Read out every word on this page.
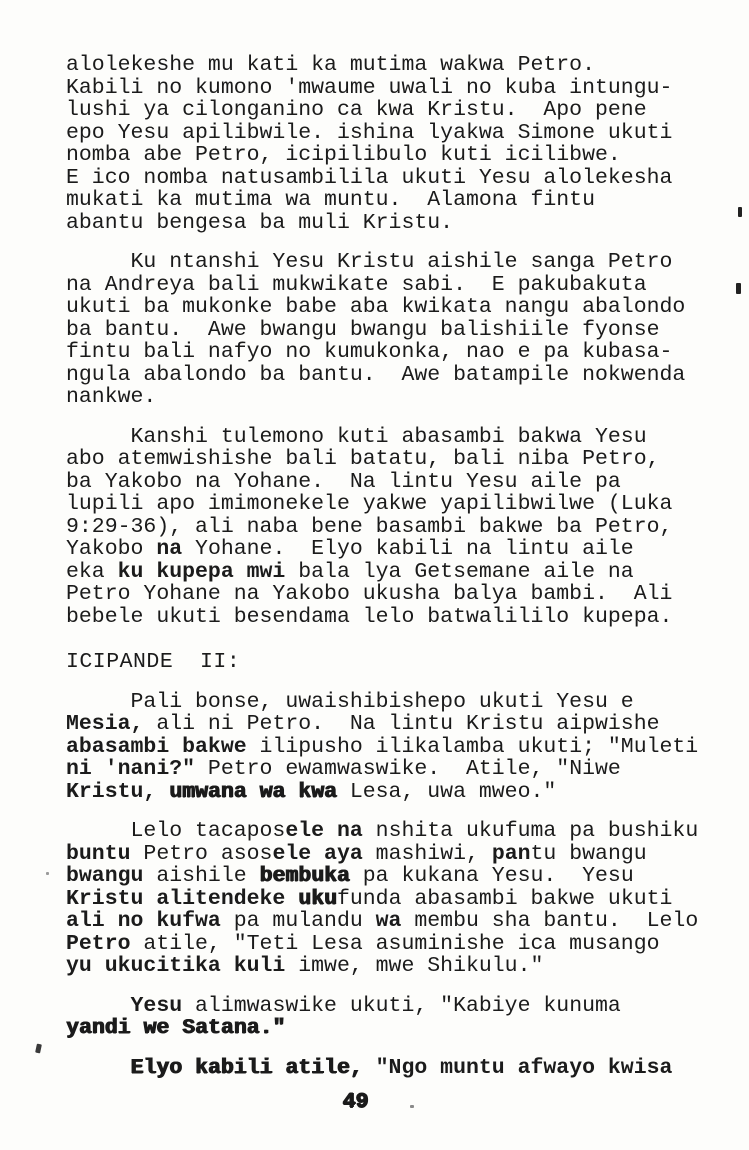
alolekeshe mu kati ka mutima wakwa Petro.
Kabili no kumono 'mwaume uwali no kuba intungu-
lushi ya cilonganino ca kwa Kristu.  Apo pene
epo Yesu apilibwile. ishina lyakwa Simone ukuti
nomba abe Petro, icipilibulo kuti icilibwe.
E ico nomba natusambilila ukuti Yesu alolekesha
mukati ka mutima wa muntu.  Alamona fintu
abantu bengesa ba muli Kristu.
Ku ntanshi Yesu Kristu aishile sanga Petro
na Andreya bali mukwikate sabi.  E pakubakuta
ukuti ba mukonke babe aba kwikata nangu abalondo
ba bantu.  Awe bwangu bwangu balishiile fyonse
fintu bali nafyo no kumukonka, nao e pa kubasa-
ngula abalondo ba bantu.  Awe batampile nokwenda
nankwe.
Kanshi tulemono kuti abasambi bakwa Yesu
abo atemwishishe bali batatu, bali niba Petro,
ba Yakobo na Yohane.  Na lintu Yesu aile pa
lupili apo imimonekele yakwe yapilibwilwe (Luka
9:29-36), ali naba bene basambi bakwe ba Petro,
Yakobo na Yohane.  Elyo kabili na lintu aile
eka ku kupepa mwi bala lya Getsemane aile na
Petro Yohane na Yakobo ukusha balya bambi.  Ali
bebele ukuti besendama lelo batwalililo kupepa.
ICIPANDE  II:
Pali bonse, uwaishibishepo ukuti Yesu e
Mesia, ali ni Petro.  Na lintu Kristu aipwishe
abasambi bakwe ilipusho ilikalamba ukuti; "Muleti
ni 'nani?" Petro ewamwaswike.  Atile, "Niwe
Kristu, umwana wa kwa Lesa, uwa mweo."
Lelo tacaposele na nshita ukufuma pa bushiku
buntu Petro asosele aya mashiwi, pantu bwangu
bwangu aishile bembuka pa kukana Yesu.  Yesu
Kristu alitendeke ukufunda abasambi bakwe ukuti
ali no kufwa pa mulandu wa membu sha bantu.  Lelo
Petro atile, "Teti Lesa asuminishe ica musango
yu ukucitika kuli imwe, mwe Shikulu."
Yesu alimwaswike ukuti, "Kabiye kunuma
yandi we Satana."
Elyo kabili atile, "Ngo muntu afwayo kwisa
49
